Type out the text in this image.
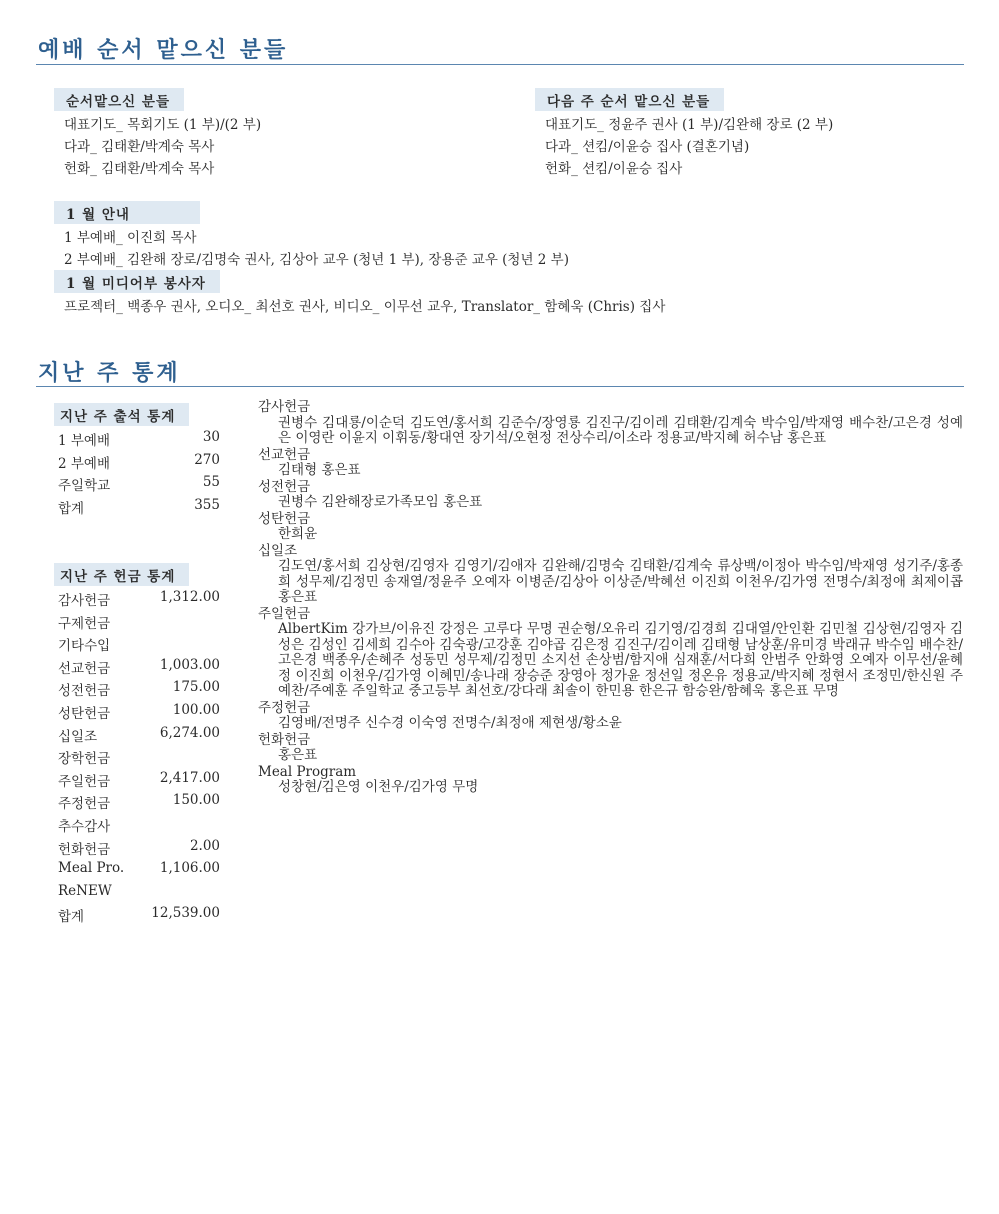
예배 순서 맡으신 분들
순서맡으신 분들
대표기도_ 목회기도 (1 부)/(2 부)
다과_ 김태환/박계숙 목사
헌화_ 김태환/박계숙 목사
다음 주 순서 맡으신 분들
대표기도_ 정윤주 권사 (1 부)/김완해 장로 (2 부)
다과_ 션킴/이윤승 집사 (결혼기념)
헌화_ 션킴/이윤승 집사
1 월 안내
1 부예배_ 이진희 목사
2 부예배_ 김완해 장로/김명숙 권사, 김상아 교우 (청년 1 부), 장용준 교우 (청년 2 부)
1 월 미디어부 봉사자
프로젝터_ 백종우 권사, 오디오_ 최선호 권사, 비디오_ 이무선 교우, Translator_ 함혜욱 (Chris) 집사
지난 주 통계
지난 주 출석 통계
1 부예배	30
2 부예배	270
주일학교	55
합계	355
지난 주 헌금 통계
감사헌금	1,312.00
구제헌금	
기타수입	
선교헌금	1,003.00
성전헌금	175.00
성탄헌금	100.00
십일조	6,274.00
장학헌금	
주일헌금	2,417.00
주정헌금	150.00
추수감사	
헌화헌금	2.00
Meal Pro.	1,106.00
ReNEW	
합계	12,539.00
감사헌금
권병수 김대룡/이순덕 김도연/홍서희 김준수/장영룡 김진구/김이레 김태환/김계숙 박수임/박재영 배수찬/고은경 성예은 이영란 이윤지 이휘동/황대연 장기석/오현정 전상수리/이소라 정용교/박지혜 허수남 홍은표
선교헌금
김태형 홍은표
성전헌금
권병수 김완해장로가족모임 홍은표
성탄헌금
한희윤
십일조
김도연/홍서희 김상현/김영자 김영기/김애자 김완해/김명숙 김태환/김계숙 류상백/이정아 박수임/박재영 성기주/홍종희 성무제/김정민 송재열/정윤주 오예자 이병준/김상아 이상준/박혜선 이진희 이천우/김가영 전명수/최정애 최제이콥 홍은표
주일헌금
AlbertKim 강가브/이유진 강정은 고루다 무명 권순형/오유리 김기영/김경희 김대열/안인환 김민철 김상현/김영자 김성은 김성인 김세희 김수아 김숙광/고강훈 김야곱 김은정 김진구/김이레 김태형 남상훈/유미경 박래규 박수임 배수찬/고은경 백종우/손혜주 성동민 성무제/김정민 소지선 손상범/함지애 심재훈/서다희 안범주 안화영 오예자 이무선/윤혜정 이진희 이천우/김가영 이혜민/송나래 장승준 장영아 정가윤 정선일 정온유 정용교/박지혜 정현서 조정민/한신원 주예찬/주예훈 주일학교 중고등부 최선호/강다래 최솔이 한민용 한은규 함승완/함혜욱 홍은표 무명
주정헌금
김영배/전명주 신수경 이숙영 전명수/최정애 제현생/황소윤
헌화헌금
홍은표
Meal Program
성창현/김은영 이천우/김가영 무명
